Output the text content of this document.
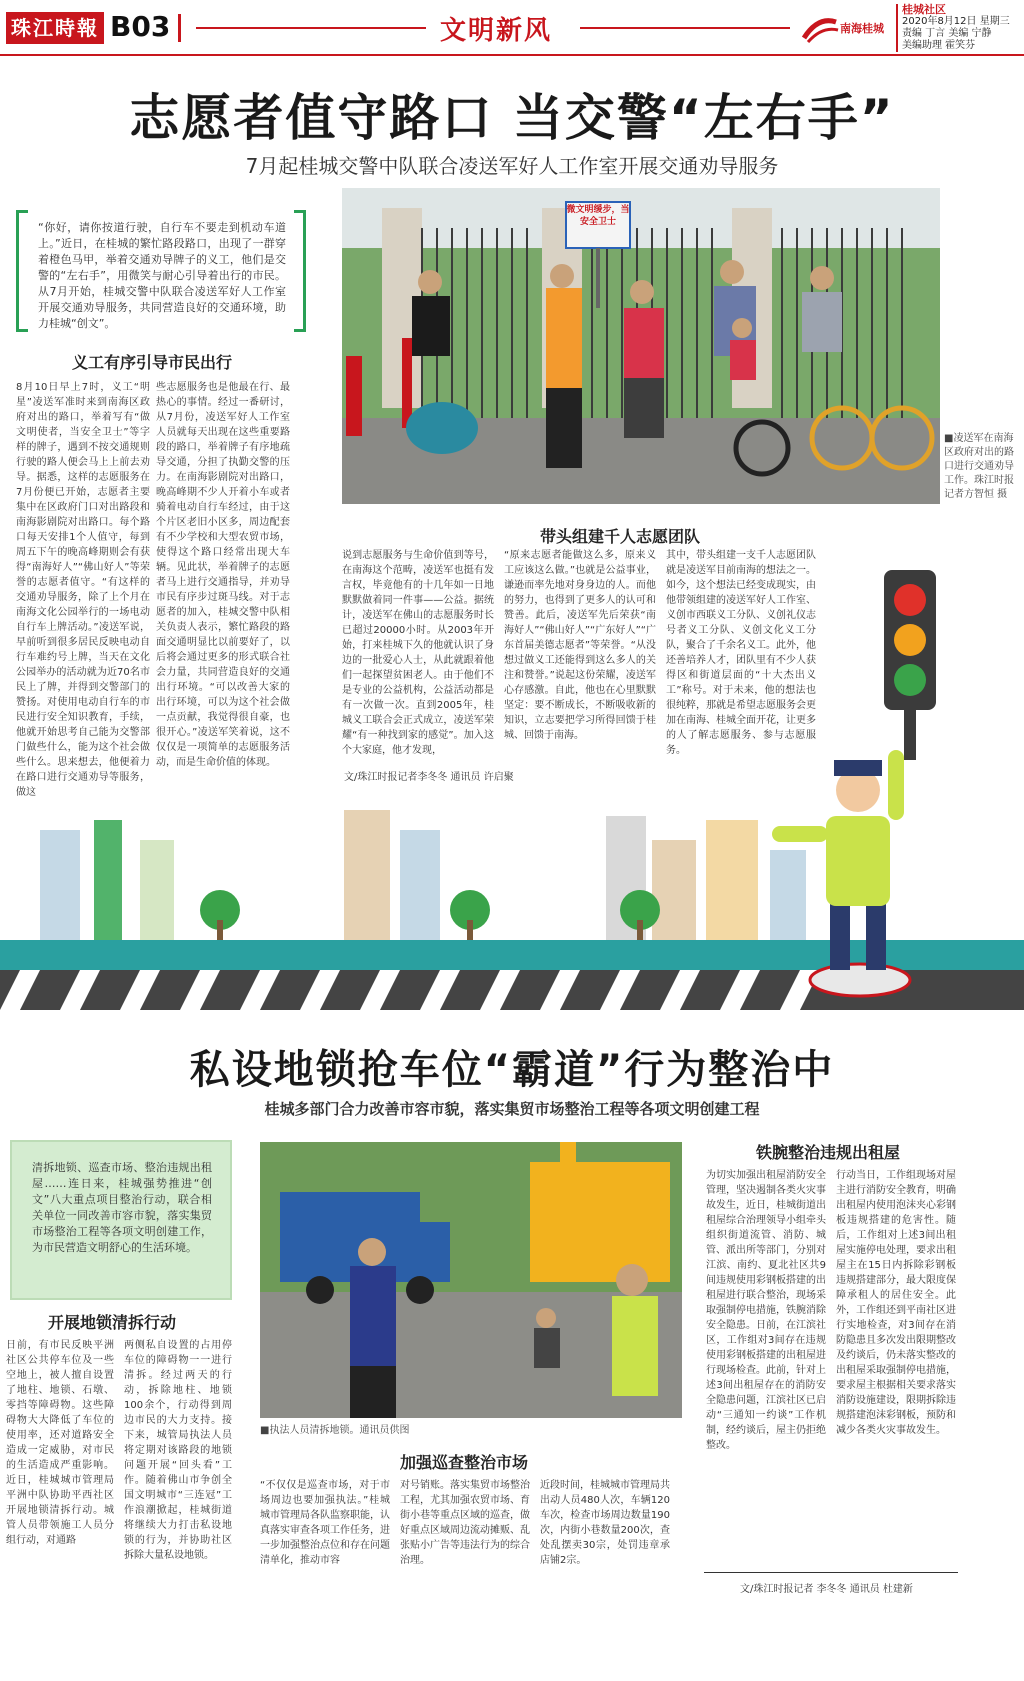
珠江時報 B03	文明新风	南海桂城
桂城社区
2020年8月12日 星期三
责编 丁言 美编 宁静
美编助理 霍笑芬
志愿者值守路口 当交警“左右手”
7月起桂城交警中队联合凌送军好人工作室开展交通劝导服务
“你好，请你按道行驶，自行车不要走到机动车道上。”近日，在桂城的繁忙路段路口，出现了一群穿着橙色马甲，举着交通劝导牌子的义工，他们是交警的“左右手”，用微笑与耐心引导着出行的市民。从7月开始，桂城交警中队联合凌送军好人工作室开展交通劝导服务，共同营造良好的交通环境，助力桂城“创文”。
义工有序引导市民出行
8月10日早上7时，义工“明星”凌送军准时来到南海区政府对出的路口，举着写有“做文明使者，当安全卫士”等字样的牌子，遇到不按交通规则行驶的路人便会马上上前去劝导。据悉，这样的志愿服务在7月份便已开始，志愿者主要集中在区政府门口对出路段和南海影剧院对出路口。每个路口每天安排1个人值守，每到周五下午的晚高峰期则会有获得“南海好人”“佛山好人”等荣誉的志愿者值守。“有这样的交通劝导服务，除了上个月在南海文化公园举行的一场电动自行车上牌活动。”凌送军说，早前听到很多居民反映电动自行车难约号上牌，当天在文化公园举办的活动就为近70名市民上了牌，并得到交警部门的赞扬。对使用电动自行车的市民进行安全知识教育，手续，他就开始思考自己能为交警部门做些什么，能为这个社会做些什么。思来想去，他便着力在路口进行交通劝导等服务，做这
些志愿服务也是他最在行、最热心的事情。经过一番研讨，从7月份，凌送军好人工作室人员就每天出现在这些重要路段的路口，举着牌子有序地疏导交通，分担了执勤交警的压力。在南海影剧院对出路口，晚高峰期不少人开着小车或者骑着电动自行车经过，由于这个片区老旧小区多，周边配套有不少学校和大型农贸市场，使得这个路口经常出现大车辆。见此状，举着牌子的志愿者马上进行交通指导，并劝导市民有序步过斑马线。对于志愿者的加入，桂城交警中队相关负责人表示，繁忙路段的路面交通明显比以前要好了，以后将会通过更多的形式联合社会力量，共同营造良好的交通出行环境。“可以改善大家的出行环境，可以为这个社会做一点贡献，我觉得很自豪，也很开心。”凌送军笑着说，这不仅仅是一项简单的志愿服务活动，而是生命价值的体现。
微文明缓步，当安全卫士
■凌送军在南海区政府对出的路口进行交通劝导工作。珠江时报记者方智恒 摄
带头组建千人志愿团队
说到志愿服务与生命价值到等号，在南海这个范畴，凌送军也挺有发言权，毕竟他有的十几年如一日地默默做着同一件事——公益。据统计，凌送军在佛山的志愿服务时长已超过20000小时。从2003年开始，打来桂城下久的他就认识了身边的一批爱心人士，从此就跟着他们一起探望贫困老人。由于他们不是专业的公益机构，公益活动都是有一次做一次。直到2005年，桂城义工联合会正式成立，凌送军荣耀“有一种找到家的感觉”。加入这个大家庭，他才发现，
“原来志愿者能做这么多，原来义工应该这么做。”也就是公益事业，谦逊而率先地对身身边的人。而他的努力，也得到了更多人的认可和赞善。此后，凌送军先后荣获“南海好人”“佛山好人”“广东好人”“广东首届美德志愿者”等荣誉。“从没想过做义工还能得到这么多人的关注和赞誉。”说起这份荣耀，凌送军心存感激。自此，他也在心里默默坚定：要不断成长，不断吸收新的知识，立志要把学习所得回馈于桂城、回馈于南海。
其中，带头组建一支千人志愿团队就是凌送军目前南海的想法之一。如今，这个想法已经变成现实，由他带领组建的凌送军好人工作室、义创市西联义工分队、义创礼仪志号者义工分队、义创文化义工分队，聚合了千余名义工。此外，他还善培养人才，团队里有不少人获得区和街道层面的“十大杰出义工”称号。对于未来，他的想法也很纯粹，那就是希望志愿服务会更加在南海、桂城全面开花，让更多的人了解志愿服务、参与志愿服务。
文/珠江时报记者李冬冬 通讯员 许启聚
私设地锁抢车位“霸道”行为整治中
桂城多部门合力改善市容市貌，落实集贸市场整治工程等各项文明创建工程
清拆地锁、巡查市场、整治违规出租屋……连日来，桂城强势推进“创文”八大重点项目整治行动，联合相关单位一同改善市容市貌，落实集贸市场整治工程等各项文明创建工作，为市民营造文明舒心的生活环境。
开展地锁清拆行动
日前，有市民反映平洲社区公共停车位及一些空地上，被人擅自设置了地柱、地锁、石墩、零挡等障碍物。这些障碍物大大降低了车位的使用率，还对道路安全造成一定威胁，对市民的生活造成严重影响。近日，桂城城市管理局平洲中队协助平西社区开展地锁清拆行动。城管人员带领施工人员分组行动，对通路
两侧私自设置的占用停车位的障碍物一一进行清拆。经过两天的行动，拆除地柱、地锁100余个，行动得到周边市民的大力支持。接下来，城管局执法人员将定期对该路段的地锁问题开展“回头看”工作。随着佛山市争创全国文明城市“三连冠”工作浪潮掀起，桂城街道将继续大力打击私设地锁的行为，并协助社区拆除大量私设地锁。
■执法人员清拆地锁。通讯员供图
加强巡查整治市场
“不仅仅是巡查市场，对于市场周边也要加强执法。”桂城城市管理局各队监察职能，认真落实审查各项工作任务，进一步加强整治点位和存在问题清单化，推动市容
对号销账。落实集贸市场整治工程，尤其加强农贸市场、育街小巷等重点区域的巡查，做好重点区域周边流动摊贩、乱张贴小广告等违法行为的综合治理。
近段时间，桂城城市管理局共出动人员480人次，车辆120车次，检查市场周边数量190次，内街小巷数量200次，查处乱摆卖30宗，处罚违章承店铺2宗。
铁腕整治违规出租屋
为切实加强出租屋消防安全管理，坚决遏制各类火灾事故发生，近日，桂城街道出租屋综合治理领导小组牵头组织街道流管、消防、城管、派出所等部门，分别对江滨、南约、夏北社区共9间违规使用彩钢板搭建的出租屋进行联合整治，现场采取强制停电措施，铁腕消除安全隐患。日前，在江滨社区，工作组对3间存在违规使用彩钢板搭建的出租屋进行现场检查。此前，针对上述3间出租屋存在的消防安全隐患问题，江滨社区已启动“三通知一约谈”工作机制，经约谈后，屋主仍拒绝整改。
行动当日，工作组现场对屋主进行消防安全教育，明确出租屋内使用泡沫夹心彩钢板违规搭建的危害性。随后，工作组对上述3间出租屋实施停电处理，要求出租屋主在15日内拆除彩钢板违规搭建部分，最大限度保障承租人的居住安全。此外，工作组还到平南社区进行实地检查，对3间存在消防隐患且多次发出限期整改及约谈后，仍未落实整改的出租屋采取强制停电措施，要求屋主根据相关要求落实消防设施建设，限期拆除违规搭建泡沫彩钢板，预防和减少各类火灾事故发生。
文/珠江时报记者 李冬冬 通讯员 杜建新
